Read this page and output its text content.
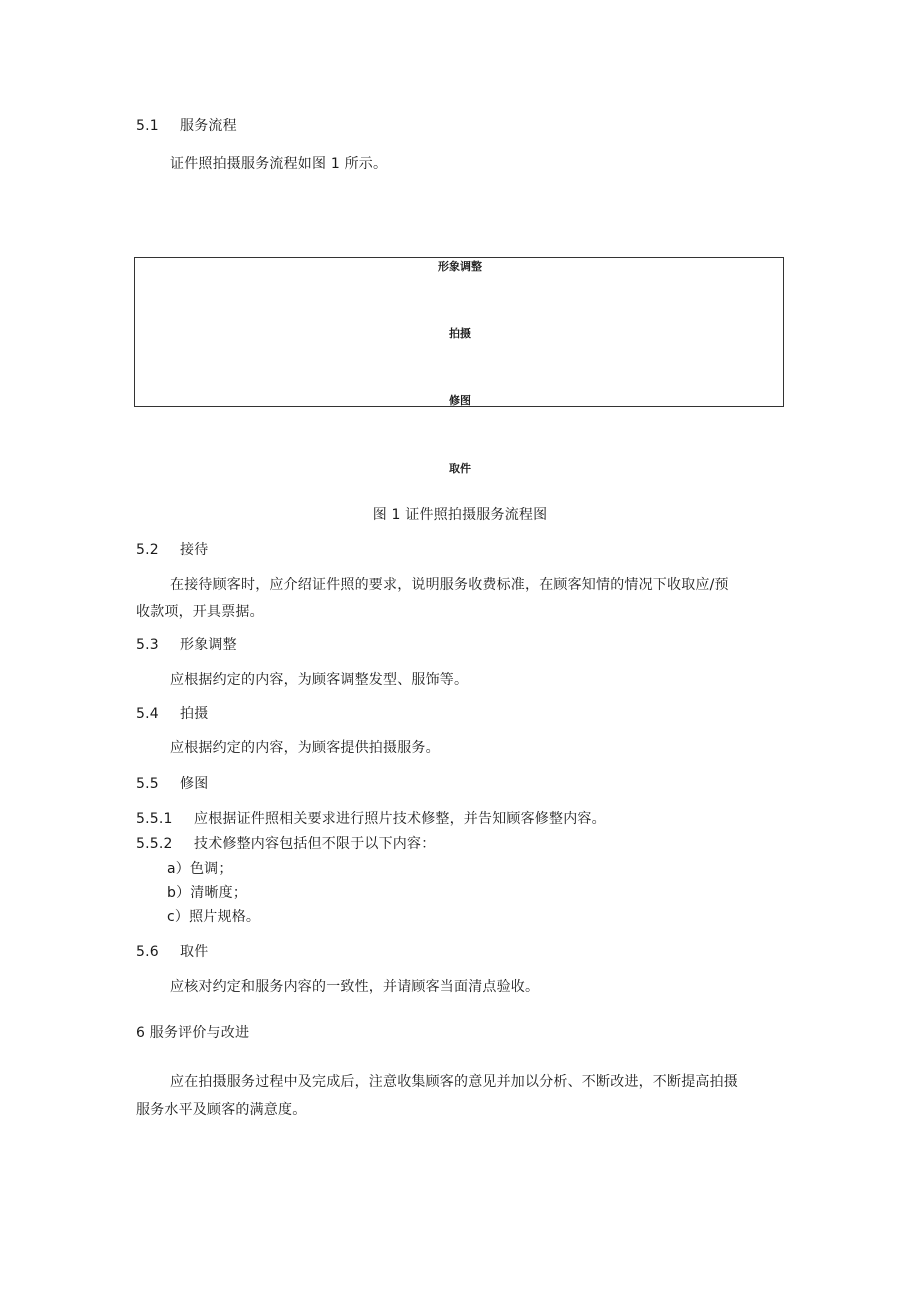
5.1 服务流程
证件照拍摄服务流程如图 1 所示。
形象调整
拍摄
修图
取件
图 1 证件照拍摄服务流程图
5.2 接待
在接待顾客时，应介绍证件照的要求，说明服务收费标准，在顾客知情的情况下收取应/预
收款项，开具票据。
5.3 形象调整
应根据约定的内容，为顾客调整发型、服饰等。
5.4 拍摄
应根据约定的内容，为顾客提供拍摄服务。
5.5 修图
5.5.1 应根据证件照相关要求进行照片技术修整，并告知顾客修整内容。
5.5.2 技术修整内容包括但不限于以下内容：
a）色调；
b）清晰度；
c）照片规格。
5.6 取件
应核对约定和服务内容的一致性，并请顾客当面清点验收。
6 服务评价与改进
应在拍摄服务过程中及完成后，注意收集顾客的意见并加以分析、不断改进，不断提高拍摄
服务水平及顾客的满意度。
